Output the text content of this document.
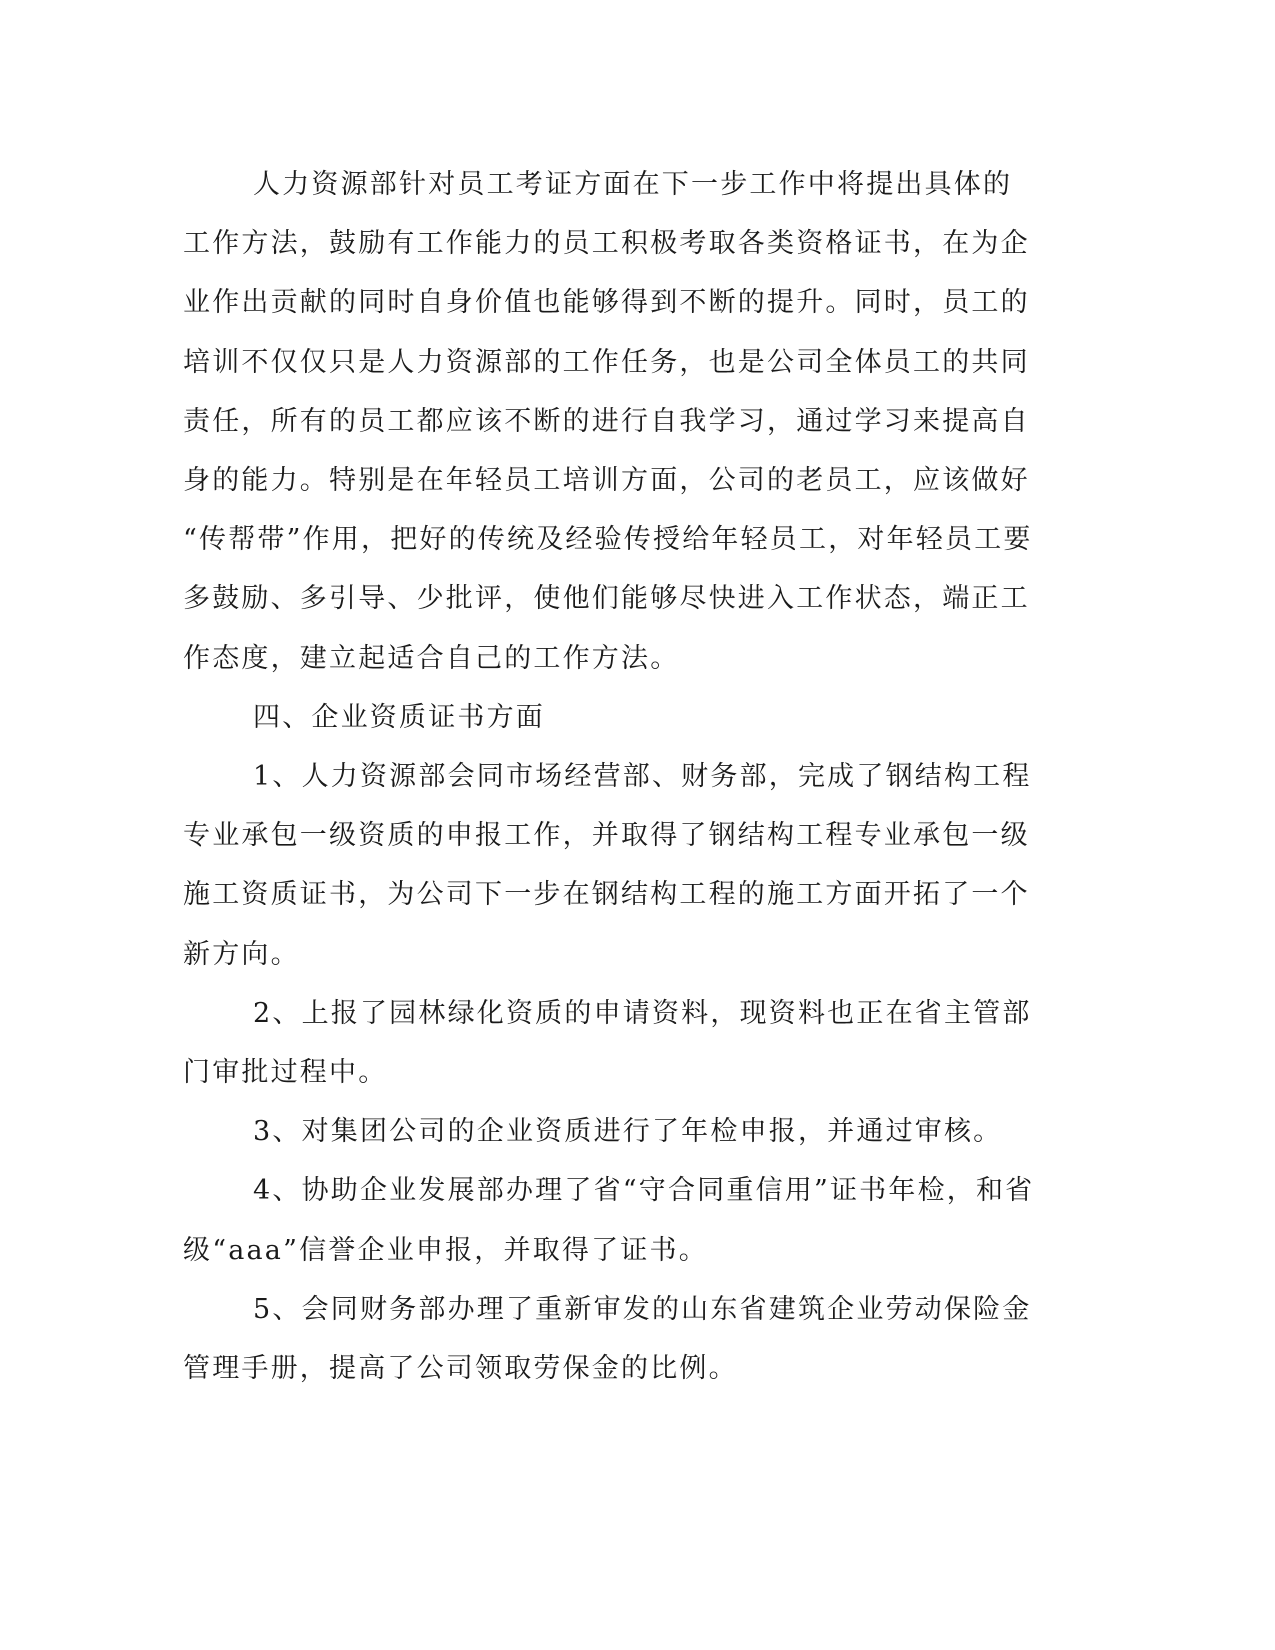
人力资源部针对员工考证方面在下一步工作中将提出具体的工作方法，鼓励有工作能力的员工积极考取各类资格证书，在为企业作出贡献的同时自身价值也能够得到不断的提升。同时，员工的培训不仅仅只是人力资源部的工作任务，也是公司全体员工的共同责任，所有的员工都应该不断的进行自我学习，通过学习来提高自身的能力。特别是在年轻员工培训方面，公司的老员工，应该做好“传帮带”作用，把好的传统及经验传授给年轻员工，对年轻员工要多鼓励、多引导、少批评，使他们能够尽快进入工作状态，端正工作态度，建立起适合自己的工作方法。

四、企业资质证书方面

1、人力资源部会同市场经营部、财务部，完成了钢结构工程专业承包一级资质的申报工作，并取得了钢结构工程专业承包一级施工资质证书，为公司下一步在钢结构工程的施工方面开拓了一个新方向。

2、上报了园林绿化资质的申请资料，现资料也正在省主管部门审批过程中。

3、对集团公司的企业资质进行了年检申报，并通过审核。

4、协助企业发展部办理了省“守合同重信用”证书年检，和省级“aaa”信誉企业申报，并取得了证书。

5、会同财务部办理了重新审发的山东省建筑企业劳动保险金管理手册，提高了公司领取劳保金的比例。
